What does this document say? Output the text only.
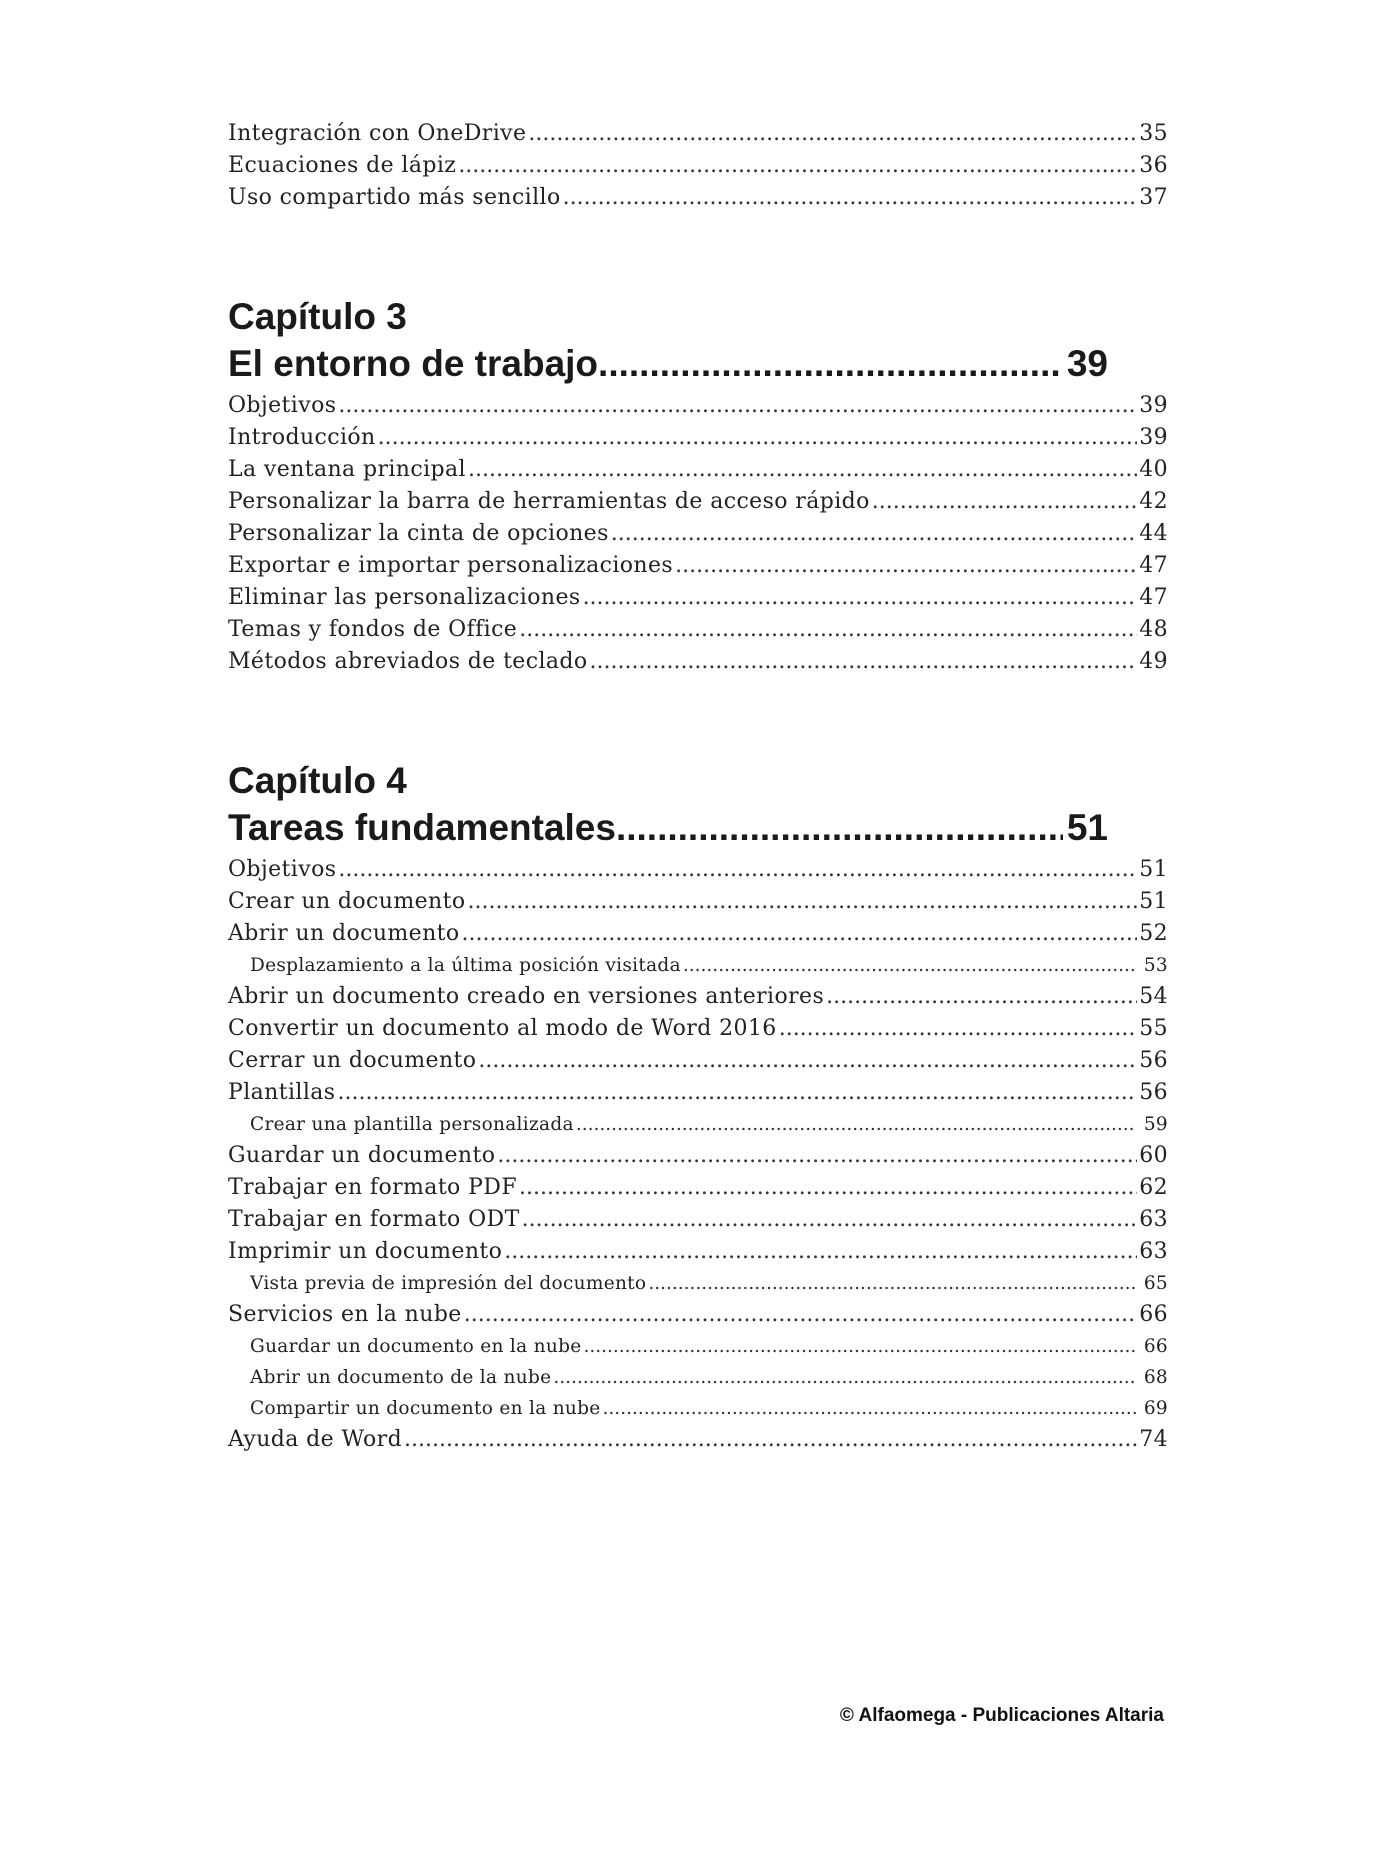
Integración con OneDrive .....	35
Ecuaciones de lápiz .....	36
Uso compartido más sencillo .....	37
Capítulo 3
El entorno de trabajo .....	39
Objetivos .....	39
Introducción .....	39
La ventana principal .....	40
Personalizar la barra de herramientas de acceso rápido .....	42
Personalizar la cinta de opciones .....	44
Exportar e importar personalizaciones .....	47
Eliminar las personalizaciones .....	47
Temas y fondos de Office .....	48
Métodos abreviados de teclado .....	49
Capítulo 4
Tareas fundamentales .....	51
Objetivos .....	51
Crear un documento .....	51
Abrir un documento .....	52
Desplazamiento a la última posición visitada .....	53
Abrir un documento creado en versiones anteriores .....	54
Convertir un documento al modo de Word 2016 .....	55
Cerrar un documento .....	56
Plantillas .....	56
Crear una plantilla personalizada .....	59
Guardar un documento .....	60
Trabajar en formato PDF .....	62
Trabajar en formato ODT .....	63
Imprimir un documento .....	63
Vista previa de impresión del documento .....	65
Servicios en la nube .....	66
Guardar un documento en la nube .....	66
Abrir un documento de la nube .....	68
Compartir un documento en la nube .....	69
Ayuda de Word .....	74
© Alfaomega - Publicaciones Altaria
